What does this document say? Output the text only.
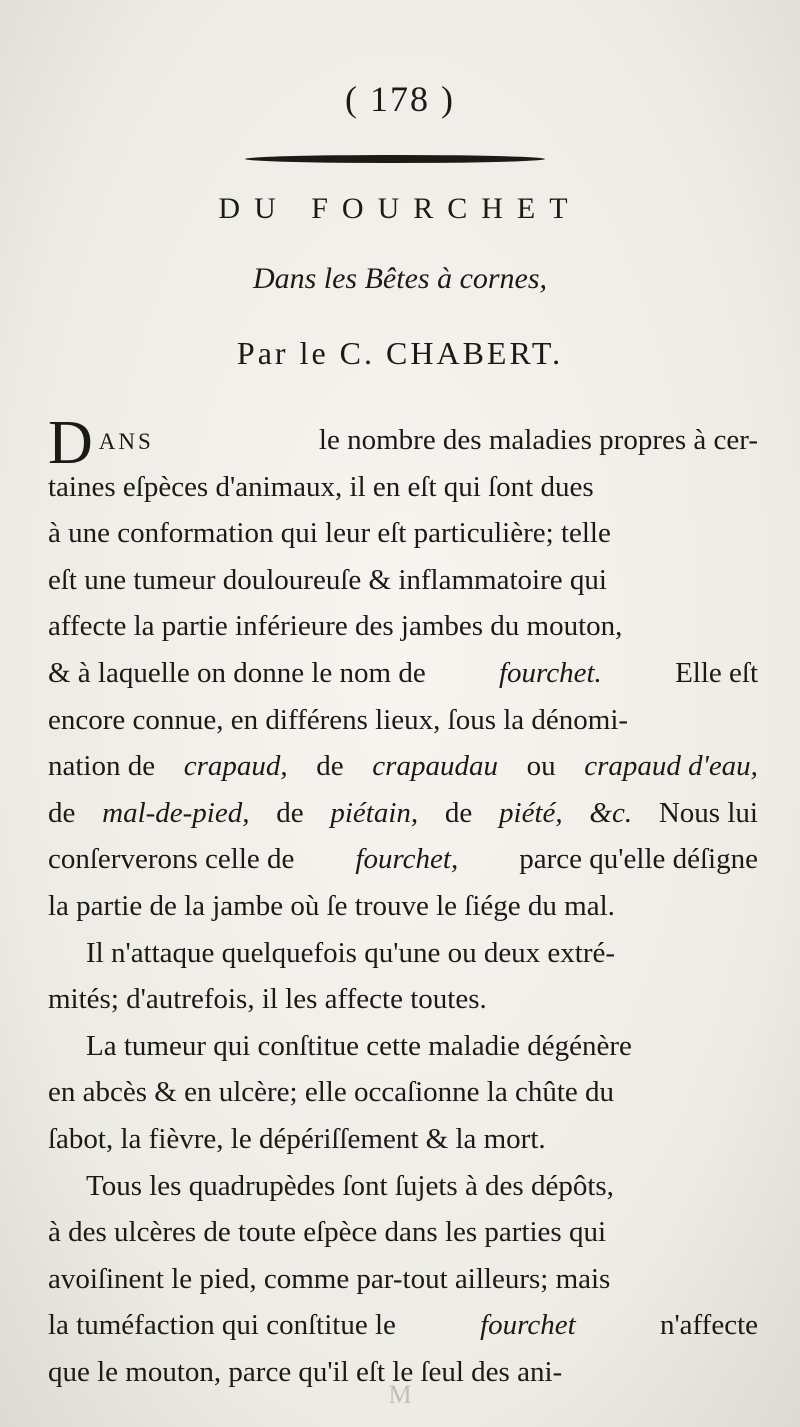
( 178 )
DU FOURCHET
Dans les Bêtes à cornes,
Par le C. CHABERT.
DANS	le nombre des maladies propres à cer-
taines eſpèces d'animaux, il en eſt qui ſont dues
à une conformation qui leur eſt particulière; telle
eſt une tumeur douloureuſe & inflammatoire qui
affecte la partie inférieure des jambes du mouton,
& à laquelle on donne le nom de	fourchet.	Elle eſt
encore connue, en différens lieux, ſous la dénomi-
nation de crapaud, de crapaudau ou crapaud d'eau,
de mal-de-pied, de piétain, de piété, &c. Nous lui
conſerverons celle de fourchet, parce qu'elle déſigne
la partie de la jambe où ſe trouve le ſiége du mal.
Il n'attaque quelquefois qu'une ou deux extré-
mités; d'autrefois, il les affecte toutes.
La tumeur qui conſtitue cette maladie dégénère
en abcès & en ulcère; elle occaſionne la chûte du
ſabot, la fièvre, le dépériſſement & la mort.
Tous les quadrupèdes ſont ſujets à des dépôts,
à des ulcères de toute eſpèce dans les parties qui
avoiſinent le pied, comme par-tout ailleurs; mais
la tuméfaction qui conſtitue le	fourchet	n'affecte
que le mouton, parce qu'il eſt le ſeul des ani-
M
